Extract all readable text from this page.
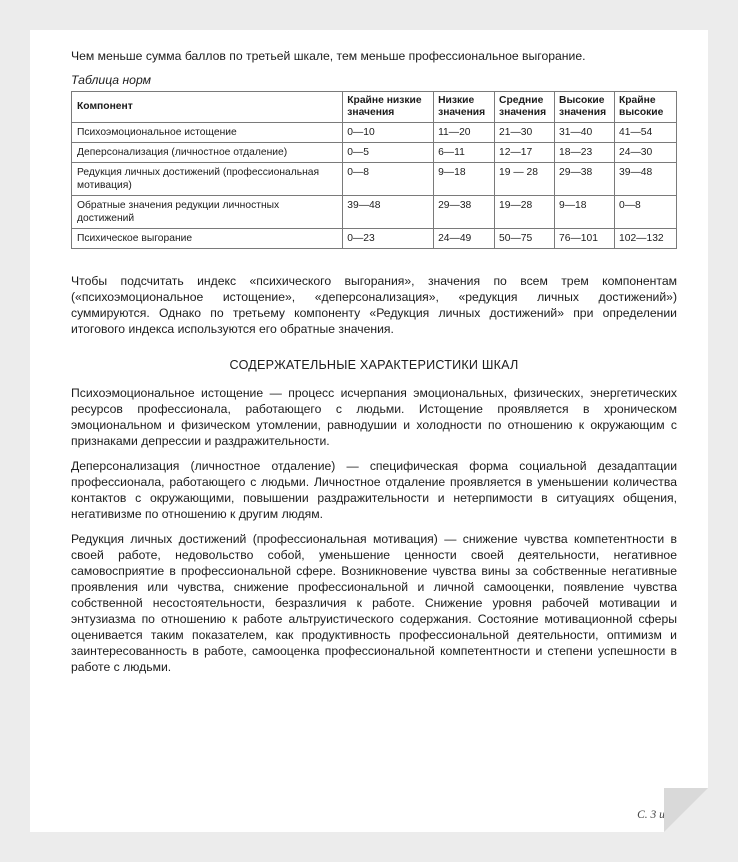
Чем меньше сумма баллов по третьей шкале, тем меньше профессиональное выгорание.

Таблица норм
Компонент	Крайне низкие значения	Низкие значения	Средние значения	Высокие значения	Крайне высокие
Психоэмоциональное истощение	0—10	11—20	21—30	31—40	41—54
Деперсонализация (личностное отдаление)	0—5	6—11	12—17	18—23	24—30
Редукция личных достижений (профессиональная мотивация)	0—8	9—18	19 — 28	29—38	39—48
Обратные значения редукции личностных достижений	39—48	29—38	19—28	9—18	0—8
Психическое выгорание	0—23	24—49	50—75	76—101	102—132

Чтобы подсчитать индекс «психического выгорания», значения по всем трем компонентам («психоэмоциональное истощение», «деперсонализация», «редукция личных достижений») суммируются. Однако по третьему компоненту «Редукция личных достижений» при определении итогового индекса используются его обратные значения.

СОДЕРЖАТЕЛЬНЫЕ ХАРАКТЕРИСТИКИ ШКАЛ

Психоэмоциональное истощение — процесс исчерпания эмоциональных, физических, энергетических ресурсов профессионала, работающего с людьми. Истощение проявляется в хроническом эмоциональном и физическом утомлении, равнодушии и холодности по отношению к окружающим с признаками депрессии и раздражительности.

Деперсонализация (личностное отдаление) — специфическая форма социальной дезадаптации профессионала, работающего с людьми. Личностное отдаление проявляется в уменьшении количества контактов с окружающими, повышении раздражительности и нетерпимости в ситуациях общения, негативизме по отношению к другим людям.

Редукция личных достижений (профессиональная мотивация) — снижение чувства компетентности в своей работе, недовольство собой, уменьшение ценности своей деятельности, негативное самовосприятие в профессиональной сфере. Возникновение чувства вины за собственные негативные проявления или чувства, снижение профессиональной и личной самооценки, появление чувства собственной несостоятельности, безразличия к работе. Снижение уровня рабочей мотивации и энтузиазма по отношению к работе альтруистического содержания. Состояние мотивационной сферы оценивается таким показателем, как продуктивность профессиональной деятельности, оптимизм и заинтересованность в работе, самооценка профессиональной компетентности и степени успешности в работе с людьми.

С. 3 из 3
